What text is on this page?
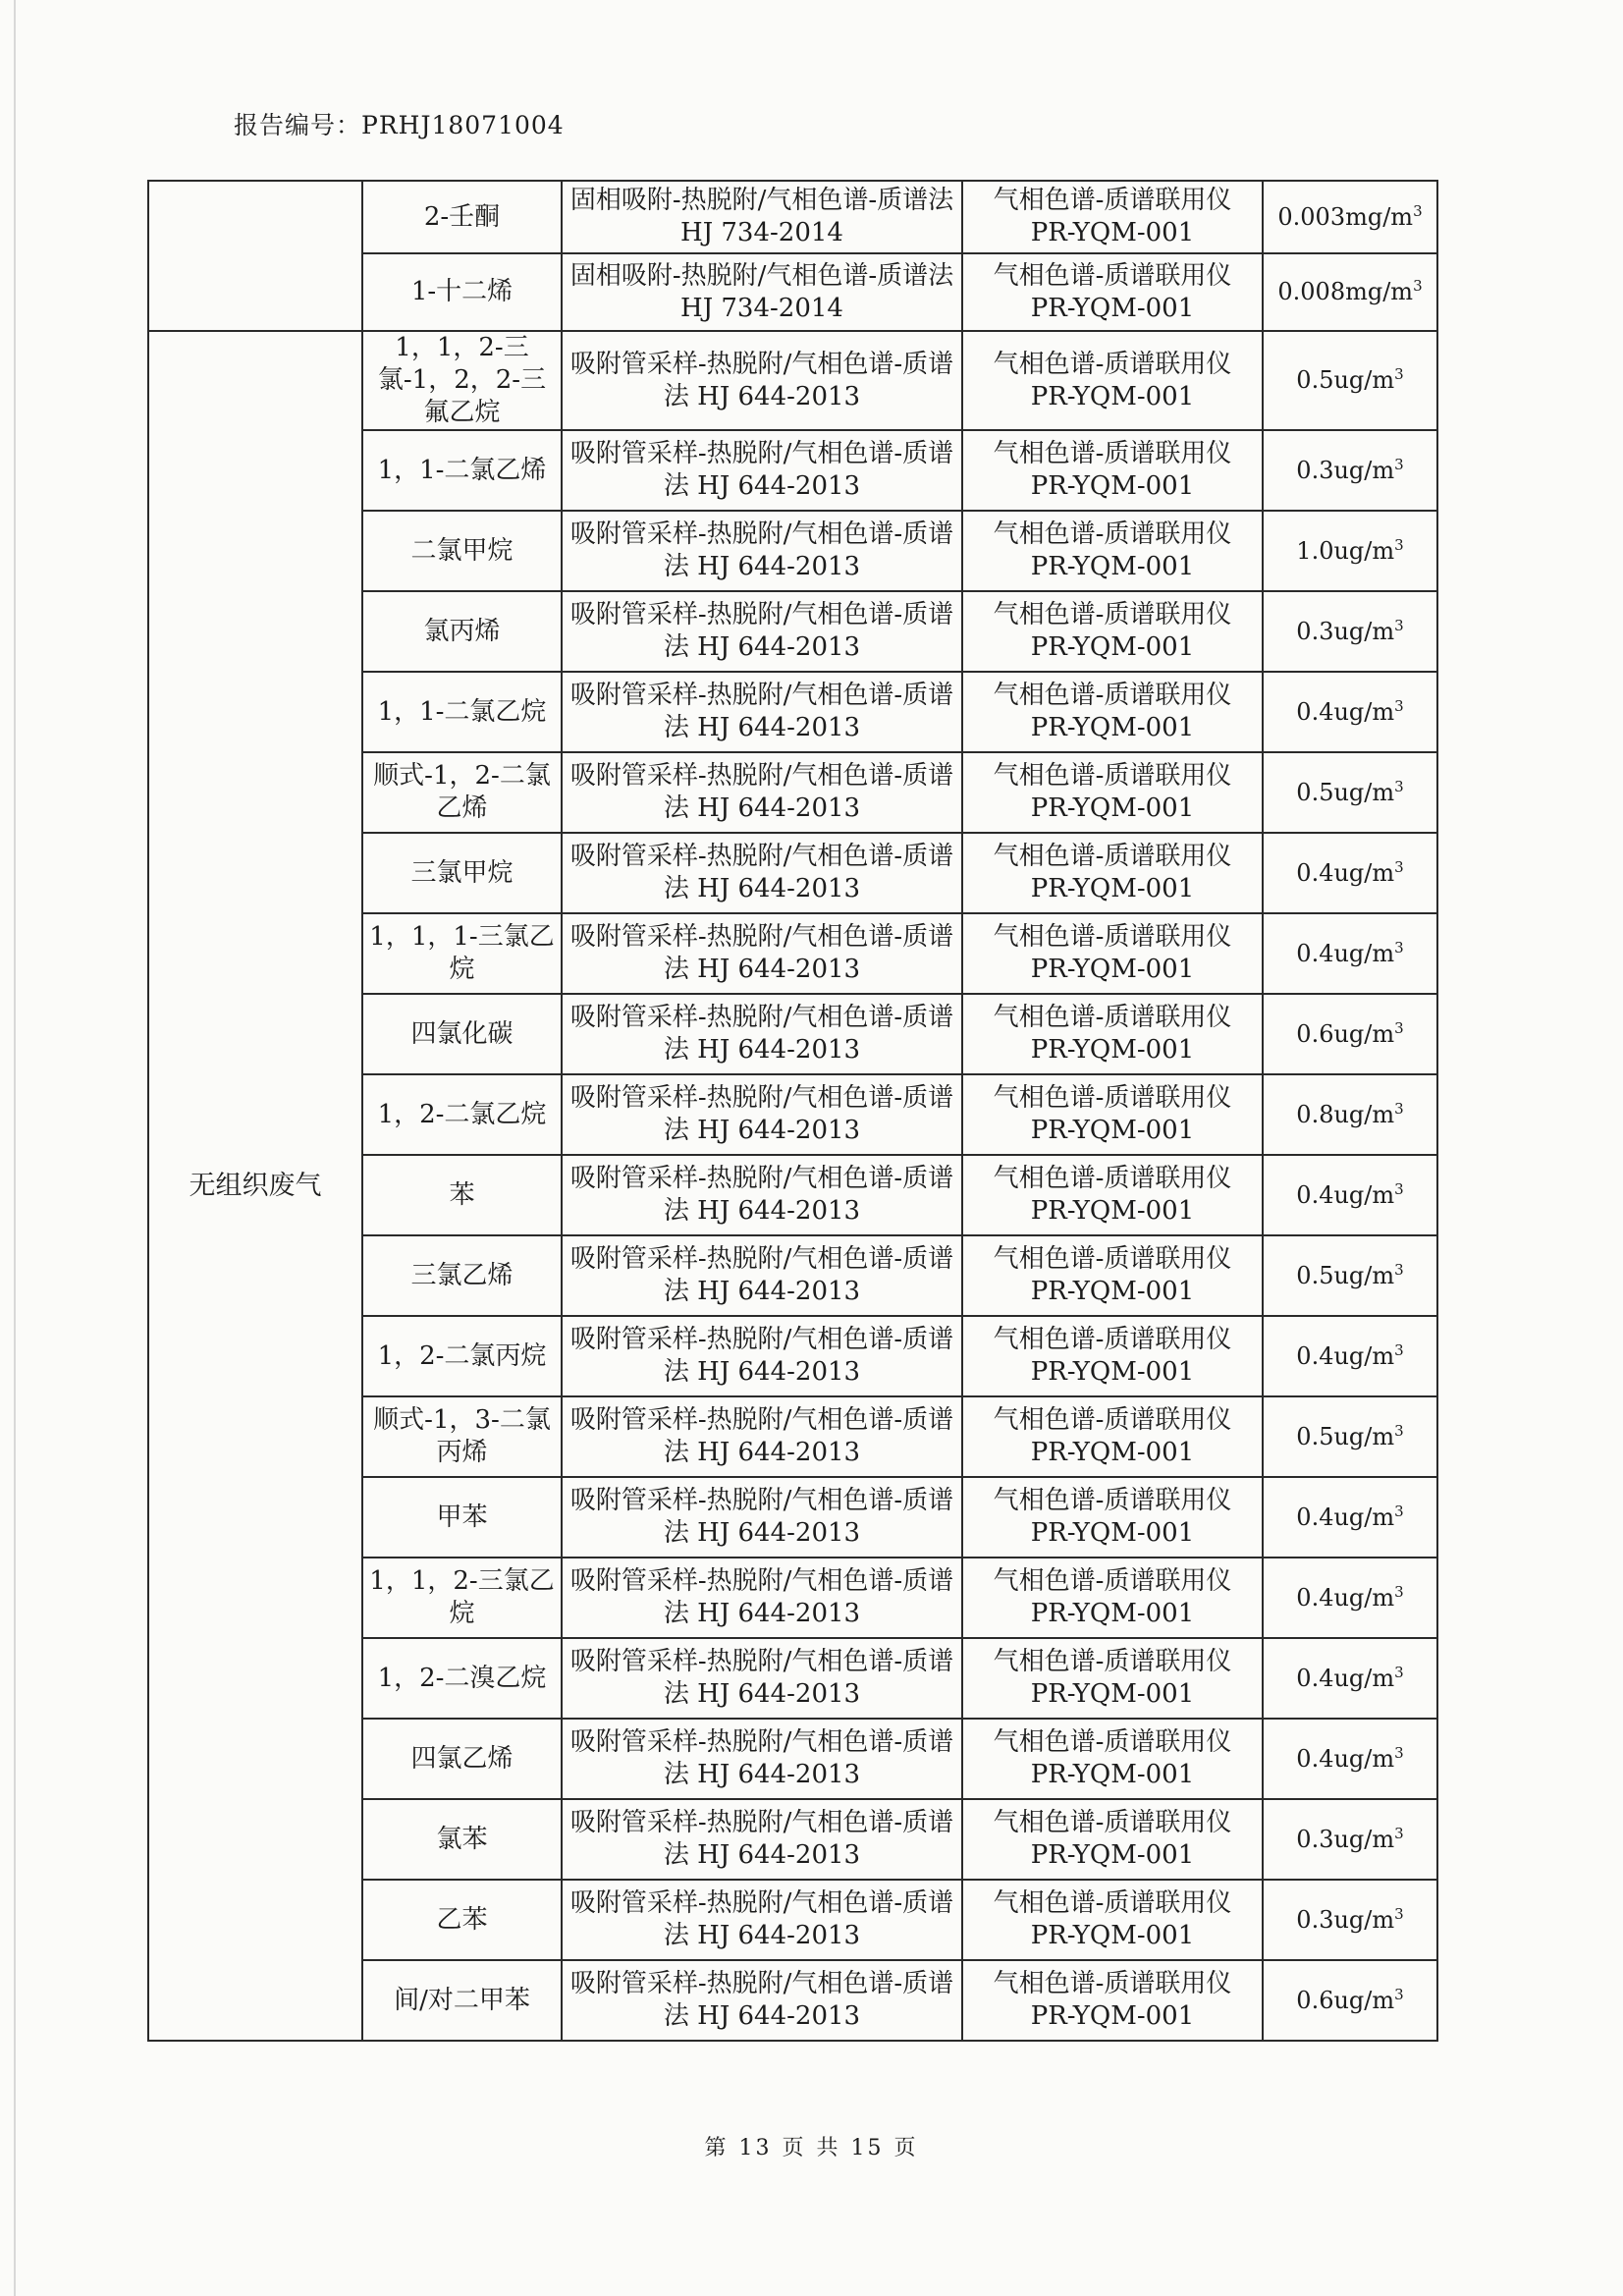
报告编号：PRHJ18071004
	2-壬酮	固相吸附-热脱附/气相色谱-质谱法 HJ 734-2014	气相色谱-质谱联用仪 PR-YQM-001	$0.003mg/m^3$
	1-十二烯	固相吸附-热脱附/气相色谱-质谱法 HJ 734-2014	气相色谱-质谱联用仪 PR-YQM-001	$0.008mg/m^3$
无组织废气	1，1，2-三氯-1，2，2-三氟乙烷	吸附管采样-热脱附/气相色谱-质谱法 HJ 644-2013	气相色谱-质谱联用仪 PR-YQM-001	$0.5ug/m^3$
	1，1-二氯乙烯	吸附管采样-热脱附/气相色谱-质谱法 HJ 644-2013	气相色谱-质谱联用仪 PR-YQM-001	$0.3ug/m^3$
	二氯甲烷	吸附管采样-热脱附/气相色谱-质谱法 HJ 644-2013	气相色谱-质谱联用仪 PR-YQM-001	$1.0ug/m^3$
	氯丙烯	吸附管采样-热脱附/气相色谱-质谱法 HJ 644-2013	气相色谱-质谱联用仪 PR-YQM-001	$0.3ug/m^3$
	1，1-二氯乙烷	吸附管采样-热脱附/气相色谱-质谱法 HJ 644-2013	气相色谱-质谱联用仪 PR-YQM-001	$0.4ug/m^3$
	顺式-1，2-二氯乙烯	吸附管采样-热脱附/气相色谱-质谱法 HJ 644-2013	气相色谱-质谱联用仪 PR-YQM-001	$0.5ug/m^3$
	三氯甲烷	吸附管采样-热脱附/气相色谱-质谱法 HJ 644-2013	气相色谱-质谱联用仪 PR-YQM-001	$0.4ug/m^3$
	1，1，1-三氯乙烷	吸附管采样-热脱附/气相色谱-质谱法 HJ 644-2013	气相色谱-质谱联用仪 PR-YQM-001	$0.4ug/m^3$
	四氯化碳	吸附管采样-热脱附/气相色谱-质谱法 HJ 644-2013	气相色谱-质谱联用仪 PR-YQM-001	$0.6ug/m^3$
	1，2-二氯乙烷	吸附管采样-热脱附/气相色谱-质谱法 HJ 644-2013	气相色谱-质谱联用仪 PR-YQM-001	$0.8ug/m^3$
	苯	吸附管采样-热脱附/气相色谱-质谱法 HJ 644-2013	气相色谱-质谱联用仪 PR-YQM-001	$0.4ug/m^3$
	三氯乙烯	吸附管采样-热脱附/气相色谱-质谱法 HJ 644-2013	气相色谱-质谱联用仪 PR-YQM-001	$0.5ug/m^3$
	1，2-二氯丙烷	吸附管采样-热脱附/气相色谱-质谱法 HJ 644-2013	气相色谱-质谱联用仪 PR-YQM-001	$0.4ug/m^3$
	顺式-1，3-二氯丙烯	吸附管采样-热脱附/气相色谱-质谱法 HJ 644-2013	气相色谱-质谱联用仪 PR-YQM-001	$0.5ug/m^3$
	甲苯	吸附管采样-热脱附/气相色谱-质谱法 HJ 644-2013	气相色谱-质谱联用仪 PR-YQM-001	$0.4ug/m^3$
	1，1，2-三氯乙烷	吸附管采样-热脱附/气相色谱-质谱法 HJ 644-2013	气相色谱-质谱联用仪 PR-YQM-001	$0.4ug/m^3$
	1，2-二溴乙烷	吸附管采样-热脱附/气相色谱-质谱法 HJ 644-2013	气相色谱-质谱联用仪 PR-YQM-001	$0.4ug/m^3$
	四氯乙烯	吸附管采样-热脱附/气相色谱-质谱法 HJ 644-2013	气相色谱-质谱联用仪 PR-YQM-001	$0.4ug/m^3$
	氯苯	吸附管采样-热脱附/气相色谱-质谱法 HJ 644-2013	气相色谱-质谱联用仪 PR-YQM-001	$0.3ug/m^3$
	乙苯	吸附管采样-热脱附/气相色谱-质谱法 HJ 644-2013	气相色谱-质谱联用仪 PR-YQM-001	$0.3ug/m^3$
	间/对二甲苯	吸附管采样-热脱附/气相色谱-质谱法 HJ 644-2013	气相色谱-质谱联用仪 PR-YQM-001	$0.6ug/m^3$
第 13 页 共 15 页
